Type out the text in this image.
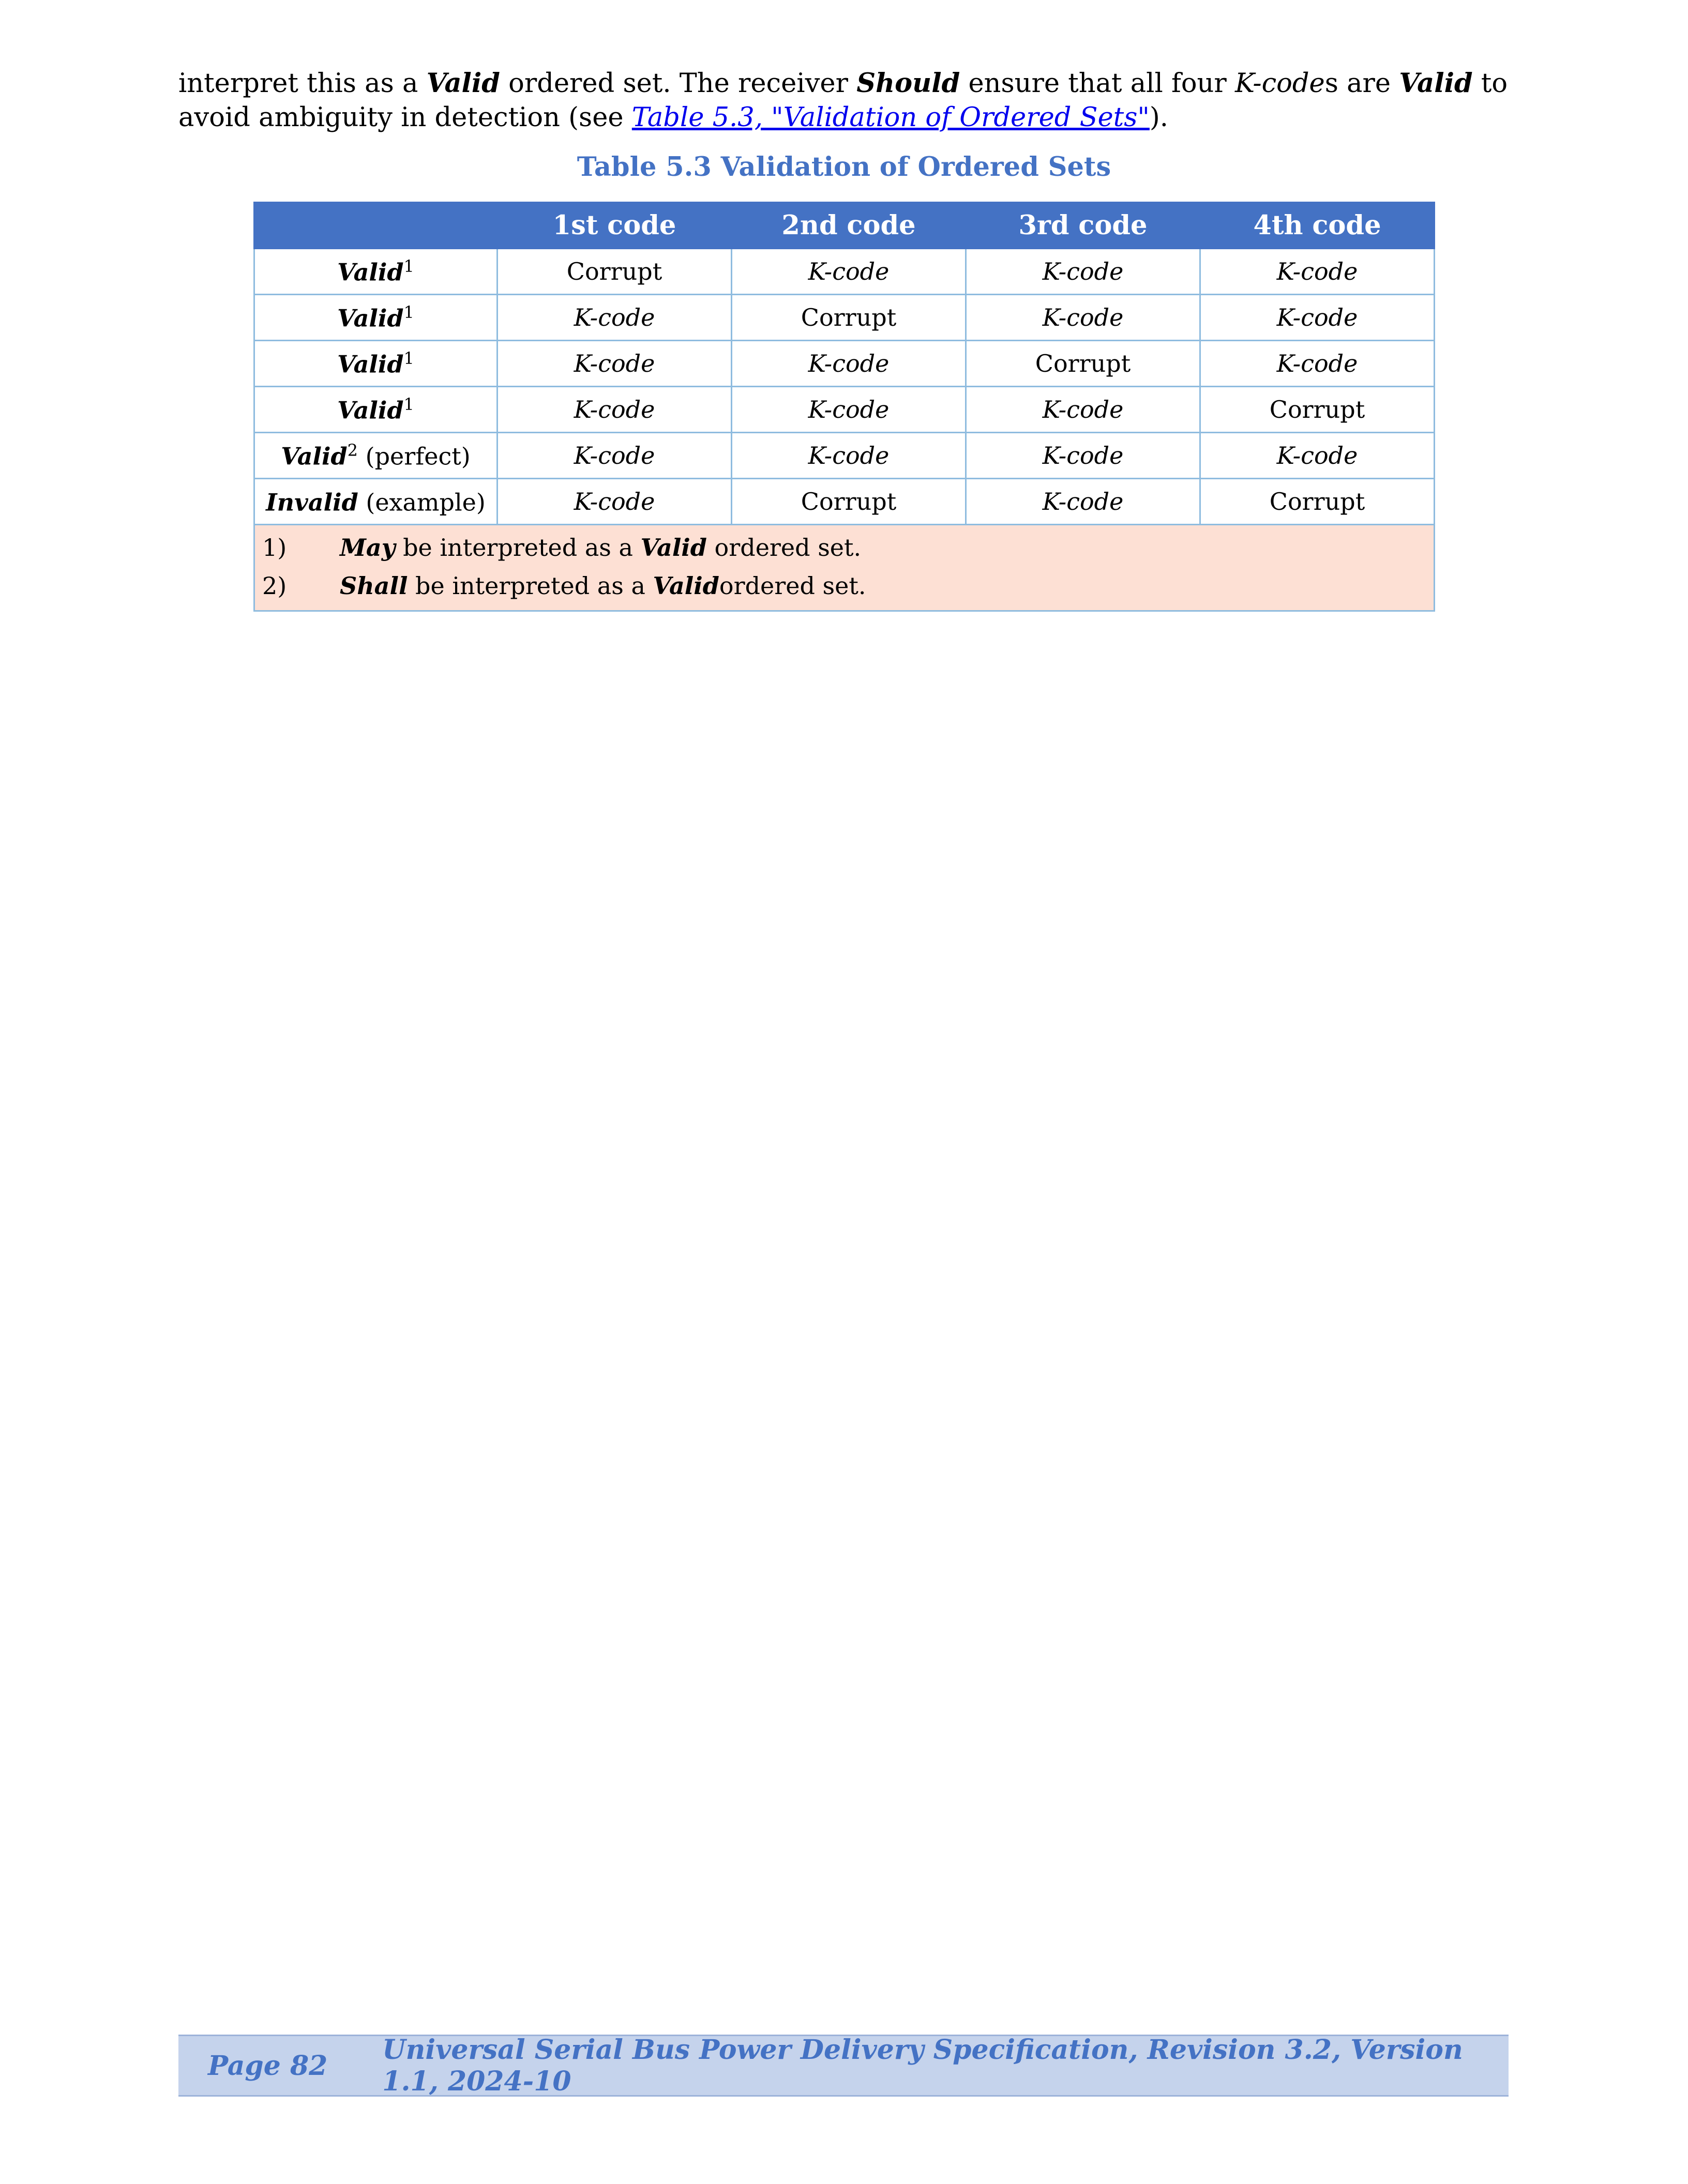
interpret this as a Valid ordered set. The receiver Should ensure that all four K-codes are Valid to avoid ambiguity in detection (see Table 5.3, "Validation of Ordered Sets").

Table 5.3 Validation of Ordered Sets

	1st code	2nd code	3rd code	4th code
Valid$^1$	Corrupt	K-code	K-code	K-code
Valid$^1$	K-code	Corrupt	K-code	K-code
Valid$^1$	K-code	K-code	Corrupt	K-code
Valid$^1$	K-code	K-code	K-code	Corrupt
Valid$^2$ (perfect)	K-code	K-code	K-code	K-code
Invalid (example)	K-code	Corrupt	K-code	Corrupt

1) May be interpreted as a Valid ordered set.
2) Shall be interpreted as a Validordered set.				
Page 82	Universal Serial Bus Power Delivery Specification, Revision 3.2, Version 1.1, 2024-10
